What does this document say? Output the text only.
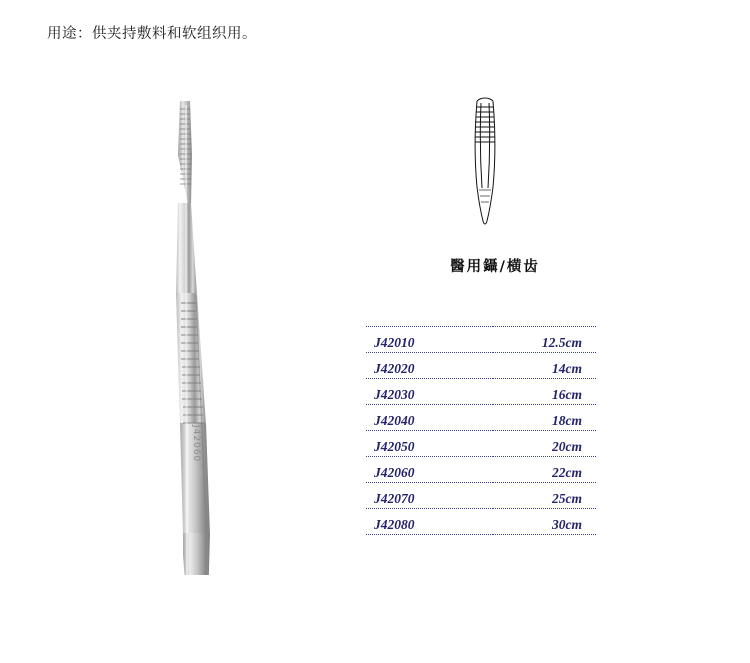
用途：供夹持敷料和软组织用。
J42060
醫用鑷/横齿
J42010	12.5cm
J42020	14cm
J42030	16cm
J42040	18cm
J42050	20cm
J42060	22cm
J42070	25cm
J42080	30cm
